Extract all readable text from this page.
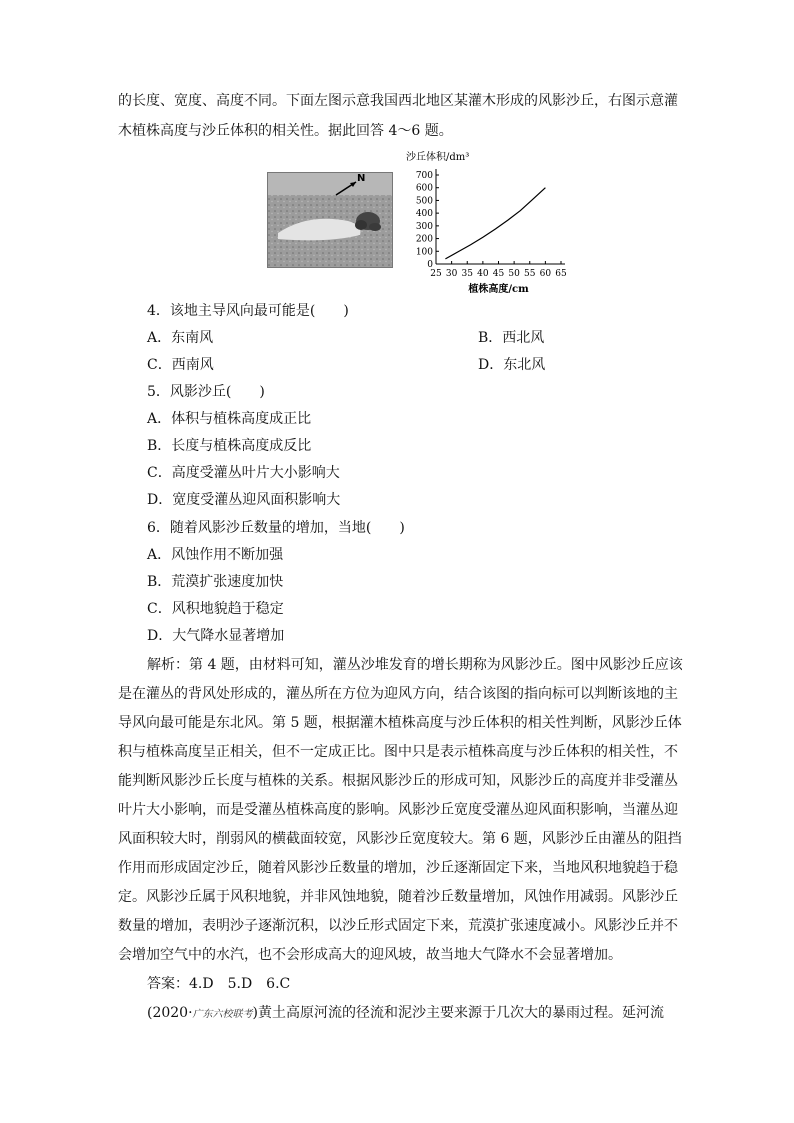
的长度、宽度、高度不同。下面左图示意我国西北地区某灌木形成的风影沙丘，右图示意灌
木植株高度与沙丘体积的相关性。据此回答 4～6 题。
N
0
100
200
300
400
500
600
700
25 30 35 40 45 50 55 60 65
沙丘体积/dm³
植株高度/cm
4．该地主导风向最可能是(　　)
A．东南风	B．西北风
C．西南风	D．东北风
5．风影沙丘(　　)
A．体积与植株高度成正比
B．长度与植株高度成反比
C．高度受灌丛叶片大小影响大
D．宽度受灌丛迎风面积影响大
6．随着风影沙丘数量的增加，当地(　　)
A．风蚀作用不断加强
B．荒漠扩张速度加快
C．风积地貌趋于稳定
D．大气降水显著增加
解析：第 4 题，由材料可知，灌丛沙堆发育的增长期称为风影沙丘。图中风影沙丘应该
是在灌丛的背风处形成的，灌丛所在方位为迎风方向，结合该图的指向标可以判断该地的主
导风向最可能是东北风。第 5 题，根据灌木植株高度与沙丘体积的相关性判断，风影沙丘体
积与植株高度呈正相关，但不一定成正比。图中只是表示植株高度与沙丘体积的相关性，不
能判断风影沙丘长度与植株的关系。根据风影沙丘的形成可知，风影沙丘的高度并非受灌丛
叶片大小影响，而是受灌丛植株高度的影响。风影沙丘宽度受灌丛迎风面积影响，当灌丛迎
风面积较大时，削弱风的横截面较宽，风影沙丘宽度较大。第 6 题，风影沙丘由灌丛的阻挡
作用而形成固定沙丘，随着风影沙丘数量的增加，沙丘逐渐固定下来，当地风积地貌趋于稳
定。风影沙丘属于风积地貌，并非风蚀地貌，随着沙丘数量增加，风蚀作用减弱。风影沙丘
数量的增加，表明沙子逐渐沉积，以沙丘形式固定下来，荒漠扩张速度减小。风影沙丘并不
会增加空气中的水汽，也不会形成高大的迎风坡，故当地大气降水不会显著增加。
答案：4.D　5.D　6.C
(2020·广东六校联考)黄土高原河流的径流和泥沙主要来源于几次大的暴雨过程。延河流
